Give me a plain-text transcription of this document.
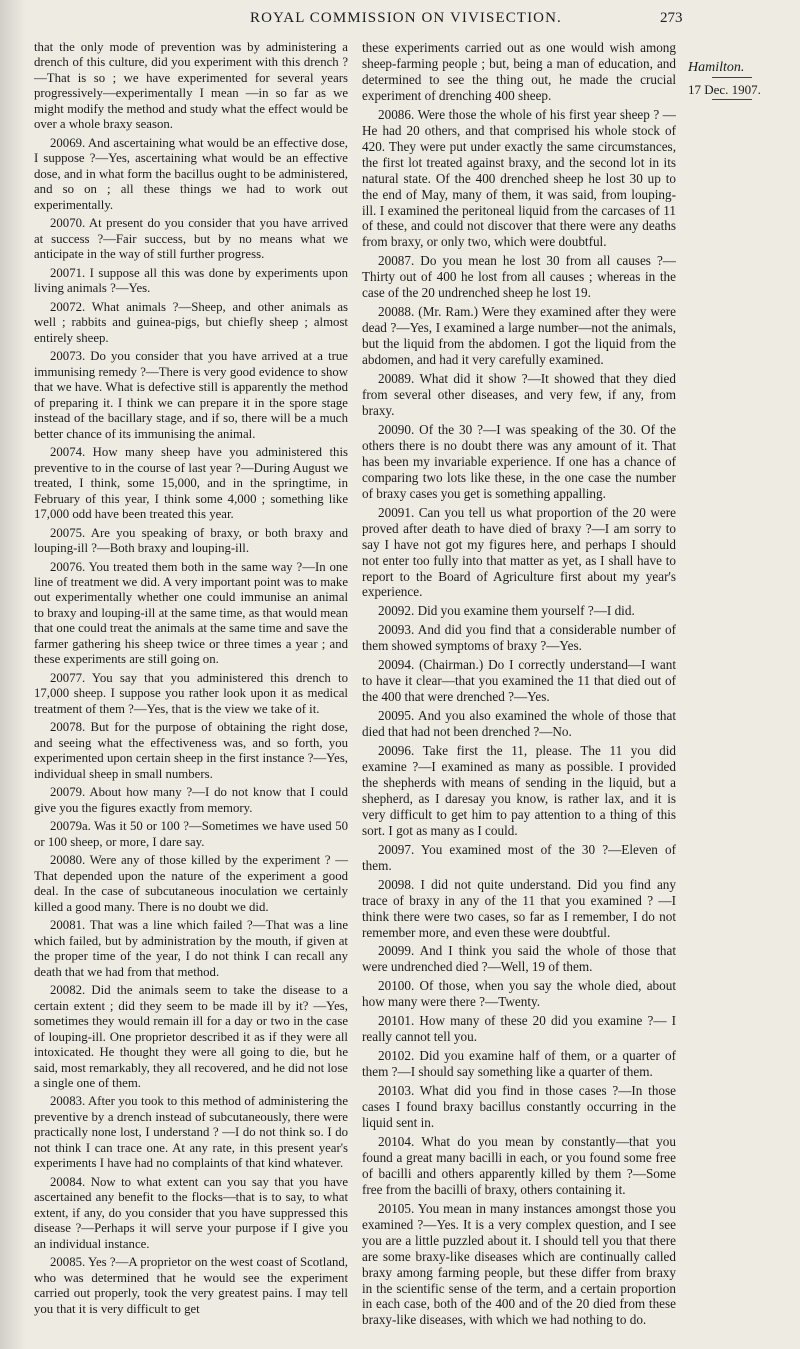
ROYAL COMMISSION ON VIVISECTION.	273

that the only mode of prevention was by administering a drench of this culture, did you experiment with this drench ?—That is so ; we have experimented for several years progressively—experimentally I mean —in so far as we might modify the method and study what the effect would be over a whole braxy season.

20069. And ascertaining what would be an effective dose, I suppose ?—Yes, ascertaining what would be an effective dose, and in what form the bacillus ought to be administered, and so on ; all these things we had to work out experimentally.

20070. At present do you consider that you have arrived at success ?—Fair success, but by no means what we anticipate in the way of still further progress.

20071. I suppose all this was done by experiments upon living animals ?—Yes.

20072. What animals ?—Sheep, and other animals as well ; rabbits and guinea-pigs, but chiefly sheep ; almost entirely sheep.

20073. Do you consider that you have arrived at a true immunising remedy ?—There is very good evidence to show that we have. What is defective still is apparently the method of preparing it. I think we can prepare it in the spore stage instead of the bacillary stage, and if so, there will be a much better chance of its immunising the animal.

20074. How many sheep have you administered this preventive to in the course of last year ?—During August we treated, I think, some 15,000, and in the springtime, in February of this year, I think some 4,000 ; something like 17,000 odd have been treated this year.

20075. Are you speaking of braxy, or both braxy and louping-ill ?—Both braxy and louping-ill.

20076. You treated them both in the same way ?—In one line of treatment we did. A very important point was to make out experimentally whether one could immunise an animal to braxy and louping-ill at the same time, as that would mean that one could treat the animals at the same time and save the farmer gathering his sheep twice or three times a year ; and these experiments are still going on.

20077. You say that you administered this drench to 17,000 sheep. I suppose you rather look upon it as medical treatment of them ?—Yes, that is the view we take of it.

20078. But for the purpose of obtaining the right dose, and seeing what the effectiveness was, and so forth, you experimented upon certain sheep in the first instance ?—Yes, individual sheep in small numbers.

20079. About how many ?—I do not know that I could give you the figures exactly from memory.

20079a. Was it 50 or 100 ?—Sometimes we have used 50 or 100 sheep, or more, I dare say.

20080. Were any of those killed by the experiment ? —That depended upon the nature of the experiment a good deal. In the case of subcutaneous inoculation we certainly killed a good many. There is no doubt we did.

20081. That was a line which failed ?—That was a line which failed, but by administration by the mouth, if given at the proper time of the year, I do not think I can recall any death that we had from that method.

20082. Did the animals seem to take the disease to a certain extent ; did they seem to be made ill by it? —Yes, sometimes they would remain ill for a day or two in the case of louping-ill. One proprietor described it as if they were all intoxicated. He thought they were all going to die, but he said, most remarkably, they all recovered, and he did not lose a single one of them.

20083. After you took to this method of administering the preventive by a drench instead of subcutaneously, there were practically none lost, I understand ? —I do not think so. I do not think I can trace one. At any rate, in this present year's experiments I have had no complaints of that kind whatever.

20084. Now to what extent can you say that you have ascertained any benefit to the flocks—that is to say, to what extent, if any, do you consider that you have suppressed this disease ?—Perhaps it will serve your purpose if I give you an individual instance.

20085. Yes ?—A proprietor on the west coast of Scotland, who was determined that he would see the experiment carried out properly, took the very greatest pains. I may tell you that it is very difficult to get

these experiments carried out as one would wish among sheep-farming people ; but, being a man of education, and determined to see the thing out, he made the crucial experiment of drenching 400 sheep.

20086. Were those the whole of his first year sheep ? —He had 20 others, and that comprised his whole stock of 420. They were put under exactly the same circumstances, the first lot treated against braxy, and the second lot in its natural state. Of the 400 drenched sheep he lost 30 up to the end of May, many of them, it was said, from louping-ill. I examined the peritoneal liquid from the carcases of 11 of these, and could not discover that there were any deaths from braxy, or only two, which were doubtful.

20087. Do you mean he lost 30 from all causes ?— Thirty out of 400 he lost from all causes ; whereas in the case of the 20 undrenched sheep he lost 19.

20088. (Mr. Ram.) Were they examined after they were dead ?—Yes, I examined a large number—not the animals, but the liquid from the abdomen. I got the liquid from the abdomen, and had it very carefully examined.

20089. What did it show ?—It showed that they died from several other diseases, and very few, if any, from braxy.

20090. Of the 30 ?—I was speaking of the 30. Of the others there is no doubt there was any amount of it. That has been my invariable experience. If one has a chance of comparing two lots like these, in the one case the number of braxy cases you get is something appalling.

20091. Can you tell us what proportion of the 20 were proved after death to have died of braxy ?—I am sorry to say I have not got my figures here, and perhaps I should not enter too fully into that matter as yet, as I shall have to report to the Board of Agriculture first about my year's experience.

20092. Did you examine them yourself ?—I did.

20093. And did you find that a considerable number of them showed symptoms of braxy ?—Yes.

20094. (Chairman.) Do I correctly understand—I want to have it clear—that you examined the 11 that died out of the 400 that were drenched ?—Yes.

20095. And you also examined the whole of those that died that had not been drenched ?—No.

20096. Take first the 11, please. The 11 you did examine ?—I examined as many as possible. I provided the shepherds with means of sending in the liquid, but a shepherd, as I daresay you know, is rather lax, and it is very difficult to get him to pay attention to a thing of this sort. I got as many as I could.

20097. You examined most of the 30 ?—Eleven of them.

20098. I did not quite understand. Did you find any trace of braxy in any of the 11 that you examined ? —I think there were two cases, so far as I remember, I do not remember more, and even these were doubtful.

20099. And I think you said the whole of those that were undrenched died ?—Well, 19 of them.

20100. Of those, when you say the whole died, about how many were there ?—Twenty.

20101. How many of these 20 did you examine ?— I really cannot tell you.

20102. Did you examine half of them, or a quarter of them ?—I should say something like a quarter of them.

20103. What did you find in those cases ?—In those cases I found braxy bacillus constantly occurring in the liquid sent in.

20104. What do you mean by constantly—that you found a great many bacilli in each, or you found some free of bacilli and others apparently killed by them ?—Some free from the bacilli of braxy, others containing it.

20105. You mean in many instances amongst those you examined ?—Yes. It is a very complex question, and I see you are a little puzzled about it. I should tell you that there are some braxy-like diseases which are continually called braxy among farming people, but these differ from braxy in the scientific sense of the term, and a certain proportion in each case, both of the 400 and of the 20 died from these braxy-like diseases, with which we had nothing to do.

Hamilton.
17 Dec. 1907.
